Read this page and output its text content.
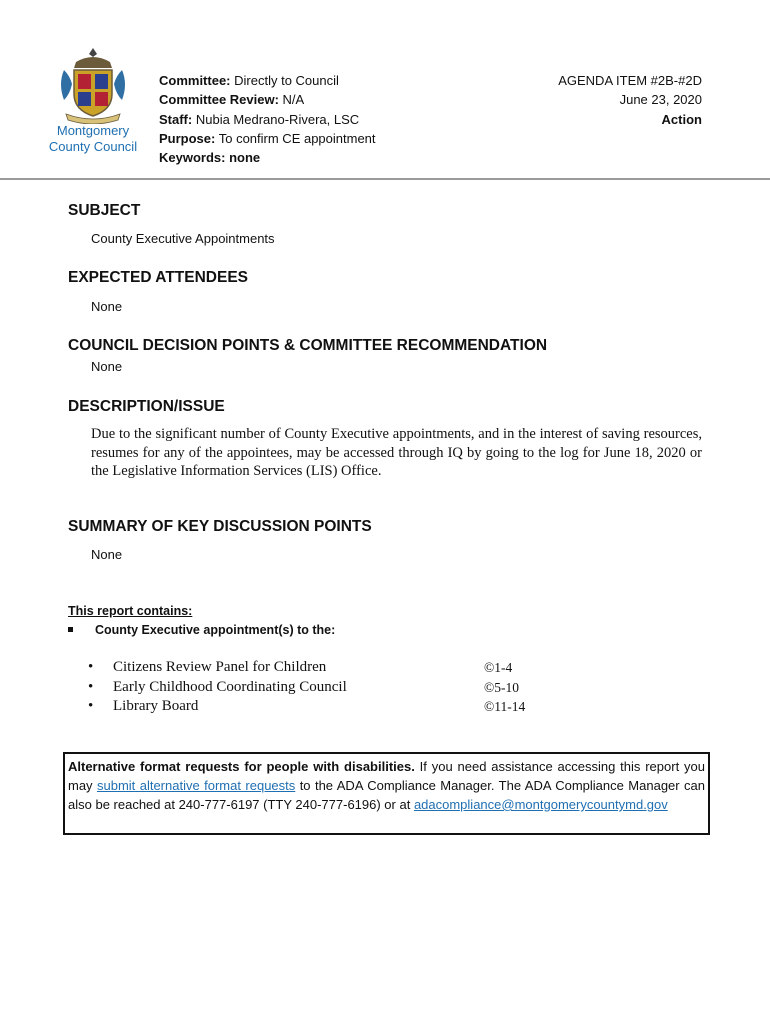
Montgomery
County Council
Committee: Directly to Council
Committee Review: N/A
Staff: Nubia Medrano-Rivera, LSC
Purpose: To confirm CE appointment
Keywords: none
AGENDA ITEM #2B-#2D
June 23, 2020
Action
SUBJECT
County Executive Appointments
EXPECTED ATTENDEES
None
COUNCIL DECISION POINTS & COMMITTEE RECOMMENDATION
None
DESCRIPTION/ISSUE
Due to the significant number of County Executive appointments, and in the interest of saving resources, resumes for any of the appointees, may be accessed through IQ by going to the log for June 18, 2020 or the Legislative Information Services (LIS) Office.
SUMMARY OF KEY DISCUSSION POINTS
None
This report contains:
County Executive appointment(s) to the:
• Citizens Review Panel for Children	©1-4
• Early Childhood Coordinating Council	©5-10
• Library Board	©11-14
Alternative format requests for people with disabilities. If you need assistance accessing this report you may submit alternative format requests to the ADA Compliance Manager. The ADA Compliance Manager can also be reached at 240-777-6197 (TTY 240-777-6196) or at adacompliance@montgomerycountymd.gov
